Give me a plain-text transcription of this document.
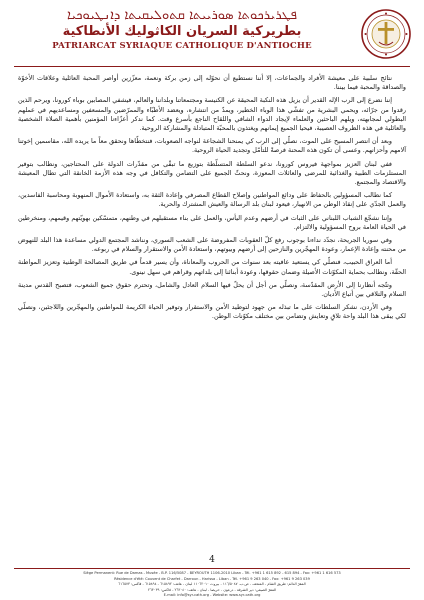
ܦܛܪܝܪܟܘܬܐ ܣܘܪܝܝܬܐ ܩܬܘܠܝܩܝܬܐ ܕܐܢܛܝܘܟܝܐ
بطريركية السريان الكاثوليك الأنطاكية
PATRIARCAT SYRIAQUE CATHOLIQUE D'ANTIOCHE

نتائج سلبية على معيشة الأفراد والجماعات، إلا أننا نستطيع أن نحوّله إلى زمن بركة ونعمة، معزّزين أواصر المحبة العائلية وعلاقات الأخوّة والصداقة والمحبة فيما بيننا.

إننا نضرع إلى الرب الإله القدير أن يزيل هذه النكبة المحيقة عن الكنيسة ومجتمعاتنا وبلداننا والعالم، فيشفي المصابين بوباء كورونا، ويرحم الذين رقدوا من جرّائه، ويحمي البشرية من تفشّي هذا الوباء الخطير، ويمدّ من انتشاره، ويعضد الأطبّاء والممرّضين والمسعفين ومساعديهم في عملهم البطولي لمجابهته، ويلهم الباحثين والعلماء لإيجاد الدواء الشافي واللقاح الناجع بأسرع وقت. كما ندكر أعزّاءنا المؤمنين بأهمية الصلاة الشخصية والعائلية في هذه الظروف العصيبة، فيحيا الجميع إيمانهم ويغتذون بالمحبّة المتبادلة والمشاركة الروحية.

وبعد أن انتصر المسيح على الموت، نصلّي إلى الرب كي يمنحنا الشجاعة لنواجه الصعوبات، فنتخطّاها ونحقق معاً ما يريده الله، مقاسمين إخوتنا آلامهم وأحزانهم. وعسى أن تكون هذه المحنة فرصةً للتأمّل وتجديد الحياة الروحية.

ففي لبنان العزيز بمواجهة فيروس كورونا، ندعو السلطة المتسلّطة بتوزيع ما تبقّى من مقدّرات الدولة على المحتاجين، ونطالب بتوفير المستلزمات الطبية والغذائية للمرضى والعائلات المعوزة، ونحثّ الجميع على التضامن والتكافل في وجه هذه الأزمة الخانقة التي تطال المعيشة والاقتصاد والمجتمع.

كما نطالب المسؤولين بالحفاظ على ودائع المواطنين وإصلاح القطاع المصرفي وإعادة الثقة به، واستعادة الأموال المنهوبة ومحاسبة الفاسدين، والعمل الجدّي على إنقاذ الوطن من الانهيار، فيعود لبنان بلد الرسالة والعيش المشترك والحرية.

وإننا نشجّع الشباب اللبناني على الثبات في أرضهم وعدم اليأس، والعمل على بناء مستقبلهم في وطنهم، متمسّكين بهويّتهم وقيمهم، ومنخرطين في الحياة العامة بروح المسؤولية والالتزام.

وفي سوريا الجريحة، نجدّد نداءنا بوجوب رفع كلّ العقوبات المفروضة على الشعب السوري، ونناشد المجتمع الدولي مساعدة هذا البلد للنهوض من محنته وإعادة الإعمار، وعودة المهجّرين والنازحين إلى أرضهم وبيوتهم، واستعادة الأمن والاستقرار والسلام في ربوعه.

أما العراق الحبيب، فنصلّي كي يستعيد عافيته بعد سنوات من الحروب والمعاناة، وأن يسير قدماً في طريق المصالحة الوطنية وتعزيز المواطنة الحقّة، ونطالب بحماية المكوّنات الأصيلة وضمان حقوقها، وعودة أبنائنا إلى بلداتهم وقراهم في سهل نينوى.

وتتّجه أنظارنا إلى الأرض المقدّسة، ونصلّي من أجل أن يحلّ فيها السلام العادل والشامل، وتحترم حقوق جميع الشعوب، فتصبح القدس مدينة السلام والتلاقي بين أتباع الأديان.

وفي الأردن، نشكر السلطات على ما تبذله من جهود لتوطيد الأمن والاستقرار وتوفير الحياة الكريمة للمواطنين والمهجّرين واللاجئين، ونصلّي لكي يبقى هذا البلد واحة تلاقٍ وتعايش وتضامن بين مختلف مكوّنات الوطن.

4
Siège Permanent: Rue de Damas - Musée - B.P. 116/5087 - BEYROUTH 1106-2010 Liban - Tél. +961 1 615 892 - 615 894 - Fax: +961 1 616 573
Résidence d'été: Couvent de Charfet - Darroun - Harissa - Liban - Tél. +961 9 263 040 - Fax: +961 9 263 039
المقرّ الدائم: طريق الشام - المتحف - ص.ب. ١١٦/٥٠٨٧ - بيروت ١١٠٦٢٠١٠ لبنان - هاتف: ٦١٥٨٩٢ - ٦١٥٨٩٤ - فاكس: ٦١٦٥٧٣
المقرّ الصيفي: دير الشرفة - درعون - حريصا - لبنان - هاتف: ٢٦٣٠٤٠ - فاكس: ٢٦٣٠٣٩
E-mail: info@syr-cath.org - Website: www.syr-cath.org
